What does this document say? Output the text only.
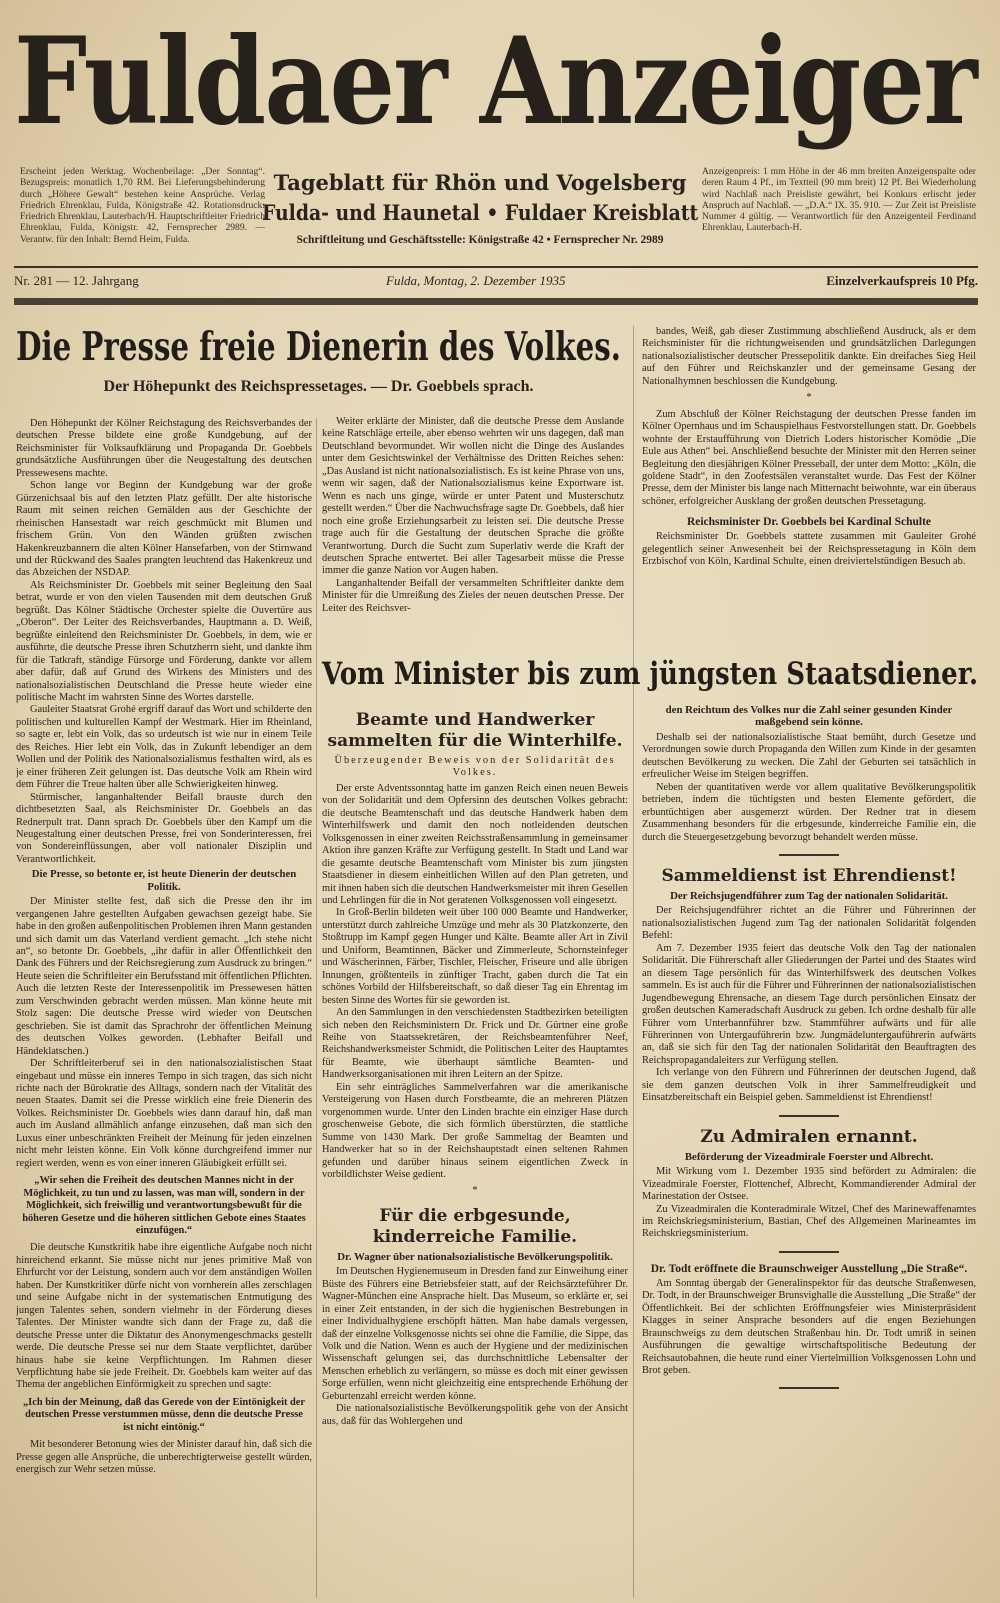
Fuldaer Anzeiger
Erscheint jeden Werktag. Wochenbeilage: „Der Sonntag“. Bezugspreis: monatlich 1,70 RM. Bei Lieferungsbehinderung durch „Höhere Gewalt“ bestehen keine Ansprüche. Verlag Friedrich Ehrenklau, Fulda, Königstraße 42. Rotationsdruck: Friedrich Ehrenklau, Lauterbach/H. Hauptschriftleiter Friedrich Ehrenklau, Fulda, Königstr. 42, Fernsprecher 2989. — Verantw. für den Inhalt: Bernd Heim, Fulda.
Tageblatt für Rhön und Vogelsberg
Fulda- und Haunetal • Fuldaer Kreisblatt
Schriftleitung und Geschäftsstelle: Königstraße 42 • Fernsprecher Nr. 2989
Anzeigenpreis: 1 mm Höhe in der 46 mm breiten Anzeigenspalte oder deren Raum 4 Pf., im Textteil (90 mm breit) 12 Pf. Bei Wiederholung wird Nachlaß nach Preisliste gewährt, bei Konkurs erlischt jeder Anspruch auf Nachlaß. — „D.A.“ IX. 35. 910. — Zur Zeit ist Preisliste Nummer 4 gültig. — Verantwortlich für den Anzeigenteil Ferdinand Ehrenklau, Lauterbach-H.
Nr. 281 — 12. Jahrgang	Fulda, Montag, 2. Dezember 1935	Einzelverkaufspreis 10 Pfg.
Die Presse freie Dienerin des Volkes.
Der Höhepunkt des Reichspressetages. — Dr. Goebbels sprach.
Vom Minister bis zum jüngsten Staatsdiener.

Den Höhepunkt der Kölner Reichstagung des Reichsverbandes der deutschen Presse bildete eine große Kundgebung, auf der Reichsminister für Volksaufklärung und Propaganda Dr. Goebbels grundsätzliche Ausführungen über die Neugestaltung des deutschen Pressewesens machte.

Schon lange vor Beginn der Kundgebung war der große Gürzenichsaal bis auf den letzten Platz gefüllt. Der alte historische Raum mit seinen reichen Gemälden aus der Geschichte der rheinischen Hansestadt war reich geschmückt mit Blumen und frischem Grün. Von den Wänden grüßten zwischen Hakenkreuzbannern die alten Kölner Hansefarben, von der Stirnwand und der Rückwand des Saales prangten leuchtend das Hakenkreuz und das Abzeichen der NSDAP.

Als Reichsminister Dr. Goebbels mit seiner Begleitung den Saal betrat, wurde er von den vielen Tausenden mit dem deutschen Gruß begrüßt. Das Kölner Städtische Orchester spielte die Ouvertüre aus „Oberon“. Der Leiter des Reichsverbandes, Hauptmann a. D. Weiß, begrüßte einleitend den Reichsminister Dr. Goebbels, in dem, wie er ausführte, die deutsche Presse ihren Schutzherrn sieht, und dankte ihm für die Tatkraft, ständige Fürsorge und Förderung, dankte vor allem aber dafür, daß auf Grund des Wirkens des Ministers und des nationalsozialistischen Deutschland die Presse heute wieder eine politische Macht im wahrsten Sinne des Wortes darstelle.

Gauleiter Staatsrat Grohé ergriff darauf das Wort und schilderte den politischen und kulturellen Kampf der Westmark. Hier im Rheinland, so sagte er, lebt ein Volk, das so urdeutsch ist wie nur in einem Teile des Reiches. Hier lebt ein Volk, das in Zukunft lebendiger an dem Wollen und der Politik des Nationalsozialismus festhalten wird, als es je einer früheren Zeit gelungen ist. Das deutsche Volk am Rhein wird dem Führer die Treue halten über alle Schwierigkeiten hinweg.

Stürmischer, langanhaltender Beifall brauste durch den dichtbesetzten Saal, als Reichsminister Dr. Goebbels an das Rednerpult trat. Dann sprach Dr. Goebbels über den Kampf um die Neugestaltung einer deutschen Presse, frei von Sonderinteressen, frei von Sondereinflüssungen, aber voll nationaler Disziplin und Verantwortlichkeit.

Die Presse, so betonte er, ist heute Dienerin der deutschen Politik.

Der Minister stellte fest, daß sich die Presse den ihr im vergangenen Jahre gestellten Aufgaben gewachsen gezeigt habe. Sie habe in den großen außenpolitischen Problemen ihren Mann gestanden und sich damit um das Vaterland verdient gemacht. „Ich stehe nicht an“, so betonte Dr. Goebbels, „ihr dafür in aller Öffentlichkeit den Dank des Führers und der Reichsregierung zum Ausdruck zu bringen.“ Heute seien die Schriftleiter ein Berufsstand mit öffentlichen Pflichten. Auch die letzten Reste der Interessenpolitik im Pressewesen hätten zum Verschwinden gebracht werden müssen. Man könne heute mit Stolz sagen: Die deutsche Presse wird wieder von Deutschen geschrieben. Sie ist damit das Sprachrohr der öffentlichen Meinung des deutschen Volkes geworden. (Lebhafter Beifall und Händeklatschen.)

Der Schriftleiterberuf sei in den nationalsozialistischen Staat eingebaut und müsse ein inneres Tempo in sich tragen, das sich nicht richte nach der Bürokratie des Alltags, sondern nach der Vitalität des neuen Staates. Damit sei die Presse wirklich eine freie Dienerin des Volkes. Reichsminister Dr. Goebbels wies dann darauf hin, daß man auch im Ausland allmählich anfange einzusehen, daß man sich den Luxus einer unbeschränkten Freiheit der Meinung für jeden einzelnen nicht mehr leisten könne. Ein Volk könne durchgreifend immer nur regiert werden, wenn es von einer inneren Gläubigkeit erfüllt sei.

„Wir sehen die Freiheit des deutschen Mannes nicht in der Möglichkeit, zu tun und zu lassen, was man will, sondern in der Möglichkeit, sich freiwillig und verantwortungsbewußt für die höheren Gesetze und die höheren sittlichen Gebote eines Staates einzufügen.“

Die deutsche Kunstkritik habe ihre eigentliche Aufgabe noch nicht hinreichend erkannt. Sie müsse nicht nur jenes primitive Maß von Ehrfurcht vor der Leistung, sondern auch vor dem anständigen Wollen haben. Der Kunstkritiker dürfe nicht von vornherein alles zerschlagen und seine Aufgabe nicht in der systematischen Entmutigung des jungen Talentes sehen, sondern vielmehr in der Förderung dieses Talentes. Der Minister wandte sich dann der Frage zu, daß die deutsche Presse unter die Diktatur des Anonymengeschmacks gestellt werde. Die deutsche Presse sei nur dem Staate verpflichtet, darüber hinaus habe sie keine Verpflichtungen. Im Rahmen dieser Verpflichtung habe sie jede Freiheit. Dr. Goebbels kam weiter auf das Thema der angeblichen Einförmigkeit zu sprechen und sagte:

„Ich bin der Meinung, daß das Gerede von der Eintönigkeit der deutschen Presse verstummen müsse, denn die deutsche Presse ist nicht eintönig.“

Mit besonderer Betonung wies der Minister darauf hin, daß sich die Presse gegen alle Ansprüche, die unberechtigterweise gestellt würden, energisch zur Wehr setzen müsse.

Weiter erklärte der Minister, daß die deutsche Presse dem Auslande keine Ratschläge erteile, aber ebenso wehrten wir uns dagegen, daß man Deutschland bevormundet. Wir wollen nicht die Dinge des Auslandes unter dem Gesichtswinkel der Verhältnisse des Dritten Reiches sehen: „Das Ausland ist nicht nationalsozialistisch. Es ist keine Phrase von uns, wenn wir sagen, daß der Nationalsozialismus keine Exportware ist. Wenn es nach uns ginge, würde er unter Patent und Musterschutz gestellt werden.“ Über die Nachwuchsfrage sagte Dr. Goebbels, daß hier noch eine große Erziehungsarbeit zu leisten sei. Die deutsche Presse trage auch für die Gestaltung der deutschen Sprache die größte Verantwortung. Durch die Sucht zum Superlativ werde die Kraft der deutschen Sprache entwertet. Bei aller Tagesarbeit müsse die Presse immer die ganze Nation vor Augen haben.

Langanhaltender Beifall der versammelten Schriftleiter dankte dem Minister für die Umreißung des Zieles der neuen deutschen Presse. Der Leiter des Reichsver-

bandes, Weiß, gab dieser Zustimmung abschließend Ausdruck, als er dem Reichsminister für die richtungweisenden und grundsätzlichen Darlegungen nationalsozialistischer deutscher Pressepolitik dankte. Ein dreifaches Sieg Heil auf den Führer und Reichskanzler und der gemeinsame Gesang der Nationalhymnen beschlossen die Kundgebung.

*

Zum Abschluß der Kölner Reichstagung der deutschen Presse fanden im Kölner Opernhaus und im Schauspielhaus Festvorstellungen statt. Dr. Goebbels wohnte der Erstaufführung von Dietrich Loders historischer Komödie „Die Eule aus Athen“ bei. Anschließend besuchte der Minister mit den Herren seiner Begleitung den diesjährigen Kölner Presseball, der unter dem Motto: „Köln, die goldene Stadt“, in den Zoofestsälen veranstaltet wurde. Das Fest der Kölner Presse, dem der Minister bis lange nach Mitternacht beiwohnte, war ein überaus schöner, erfolgreicher Ausklang der großen deutschen Pressetagung.

Reichsminister Dr. Goebbels bei Kardinal Schulte

Reichsminister Dr. Goebbels stattete zusammen mit Gauleiter Grohé gelegentlich seiner Anwesenheit bei der Reichspressetagung in Köln dem Erzbischof von Köln, Kardinal Schulte, einen dreiviertelstündigen Besuch ab.

Beamte und Handwerker sammelten für die Winterhilfe.
Überzeugender Beweis von der Solidarität des Volkes.

Der erste Adventssonntag hatte im ganzen Reich einen neuen Beweis von der Solidarität und dem Opfersinn des deutschen Volkes gebracht: die deutsche Beamtenschaft und das deutsche Handwerk haben dem Winterhilfswerk und damit den noch notleidenden deutschen Volksgenossen in einer zweiten Reichsstraßensammlung in gemeinsamer Aktion ihre ganzen Kräfte zur Verfügung gestellt. In Stadt und Land war die gesamte deutsche Beamtenschaft vom Minister bis zum jüngsten Staatsdiener in diesem einheitlichen Willen auf den Plan getreten, und mit ihnen haben sich die deutschen Handwerksmeister mit ihren Gesellen und Lehrlingen für die in Not geratenen Volksgenossen voll eingesetzt.

In Groß-Berlin bildeten weit über 100 000 Beamte und Handwerker, unterstützt durch zahlreiche Umzüge und mehr als 30 Platzkonzerte, den Stoßtrupp im Kampf gegen Hunger und Kälte. Beamte aller Art in Zivil und Uniform, Beamtinnen, Bäcker und Zimmerleute, Schornsteinfeger und Wäscherinnen, Färber, Tischler, Fleischer, Friseure und alle übrigen Innungen, größtenteils in zünftiger Tracht, gaben durch die Tat ein schönes Vorbild der Hilfsbereitschaft, so daß dieser Tag ein Ehrentag im besten Sinne des Wortes für sie geworden ist.

An den Sammlungen in den verschiedensten Stadtbezirken beteiligten sich neben den Reichsministern Dr. Frick und Dr. Gürtner eine große Reihe von Staatssekretären, der Reichsbeamtenführer Neef, Reichshandwerksmeister Schmidt, die Politischen Leiter des Hauptamtes für Beamte, wie überhaupt sämtliche Beamten- und Handwerksorganisationen mit ihren Leitern an der Spitze.

Ein sehr einträgliches Sammelverfahren war die amerikanische Versteigerung von Hasen durch Forstbeamte, die an mehreren Plätzen vorgenommen wurde. Unter den Linden brachte ein einziger Hase durch groschenweise Gebote, die sich förmlich überstürzten, die stattliche Summe von 1430 Mark. Der große Sammeltag der Beamten und Handwerker hat so in der Reichshauptstadt einen seltenen Rahmen gefunden und darüber hinaus seinem eigentlichen Zweck in vorbildlichster Weise gedient.

*
Für die erbgesunde, kinderreiche Familie.
Dr. Wagner über nationalsozialistische Bevölkerungspolitik.

Im Deutschen Hygienemuseum in Dresden fand zur Einweihung einer Büste des Führers eine Betriebsfeier statt, auf der Reichsärzteführer Dr. Wagner-München eine Ansprache hielt. Das Museum, so erklärte er, sei in einer Zeit entstanden, in der sich die hygienischen Bestrebungen in einer Individualhygiene erschöpft hätten. Man habe damals vergessen, daß der einzelne Volksgenosse nichts sei ohne die Familie, die Sippe, das Volk und die Nation. Wenn es auch der Hygiene und der medizinischen Wissenschaft gelungen sei, das durchschnittliche Lebensalter der Menschen erheblich zu verlängern, so müsse es doch mit einer gewissen Sorge erfüllen, wenn nicht gleichzeitig eine entsprechende Erhöhung der Geburtenzahl erreicht werden könne.

Die nationalsozialistische Bevölkerungspolitik gehe von der Ansicht aus, daß für das Wohlergehen und

den Reichtum des Volkes nur die Zahl seiner gesunden Kinder maßgebend sein könne.

Deshalb sei der nationalsozialistische Staat bemüht, durch Gesetze und Verordnungen sowie durch Propaganda den Willen zum Kinde in der gesamten deutschen Bevölkerung zu wecken. Die Zahl der Geburten sei tatsächlich in erfreulicher Weise im Steigen begriffen.

Neben der quantitativen werde vor allem qualitative Bevölkerungspolitik betrieben, indem die tüchtigsten und besten Elemente gefördert, die erbuntüchtigen aber ausgemerzt würden. Der Redner trat in diesem Zusammenhang besonders für die erbgesunde, kinderreiche Familie ein, die durch die Steuergesetzgebung bevorzugt behandelt werden müsse.

Sammeldienst ist Ehrendienst!
Der Reichsjugendführer zum Tag der nationalen Solidarität.

Der Reichsjugendführer richtet an die Führer und Führerinnen der nationalsozialistischen Jugend zum Tag der nationalen Solidarität folgenden Befehl:

Am 7. Dezember 1935 feiert das deutsche Volk den Tag der nationalen Solidarität. Die Führerschaft aller Gliederungen der Partei und des Staates wird an diesem Tage persönlich für das Winterhilfswerk des deutschen Volkes sammeln. Es ist auch für die Führer und Führerinnen der nationalsozialistischen Jugendbewegung Ehrensache, an diesem Tage durch persönlichen Einsatz der großen deutschen Kameradschaft Ausdruck zu geben. Ich ordne deshalb für alle Führer vom Unterbannführer bzw. Stammführer aufwärts und für alle Führerinnen von Untergauführerin bzw. Jungmädeluntergauführerin aufwärts an, daß sie sich für den Tag der nationalen Solidarität den Beauftragten des Reichspropagandaleiters zur Verfügung stellen.

Ich verlange von den Führern und Führerinnen der deutschen Jugend, daß sie dem ganzen deutschen Volk in ihrer Sammelfreudigkeit und Einsatzbereitschaft ein Beispiel geben. Sammeldienst ist Ehrendienst!

Zu Admiralen ernannt.
Beförderung der Vizeadmirale Foerster und Albrecht.

Mit Wirkung vom 1. Dezember 1935 sind befördert zu Admiralen: die Vizeadmirale Foerster, Flottenchef, Albrecht, Kommandierender Admiral der Marinestation der Ostsee.

Zu Vizeadmiralen die Konteradmirale Witzel, Chef des Marinewaffenamtes im Reichskriegsministerium, Bastian, Chef des Allgemeinen Marineamtes im Reichskriegsministerium.

Dr. Todt eröffnete die Braunschweiger Ausstellung „Die Straße“.

Am Sonntag übergab der Generalinspektor für das deutsche Straßenwesen, Dr. Todt, in der Braunschweiger Brunsvighalle die Ausstellung „Die Straße“ der Öffentlichkeit. Bei der schlichten Eröffnungsfeier wies Ministerpräsident Klagges in seiner Ansprache besonders auf die engen Beziehungen Braunschweigs zu dem deutschen Straßenbau hin. Dr. Todt umriß in seinen Ausführungen die gewaltige wirtschaftspolitische Bedeutung der Reichsautobahnen, die heute rund einer Viertelmillion Volksgenossen Lohn und Brot geben.
